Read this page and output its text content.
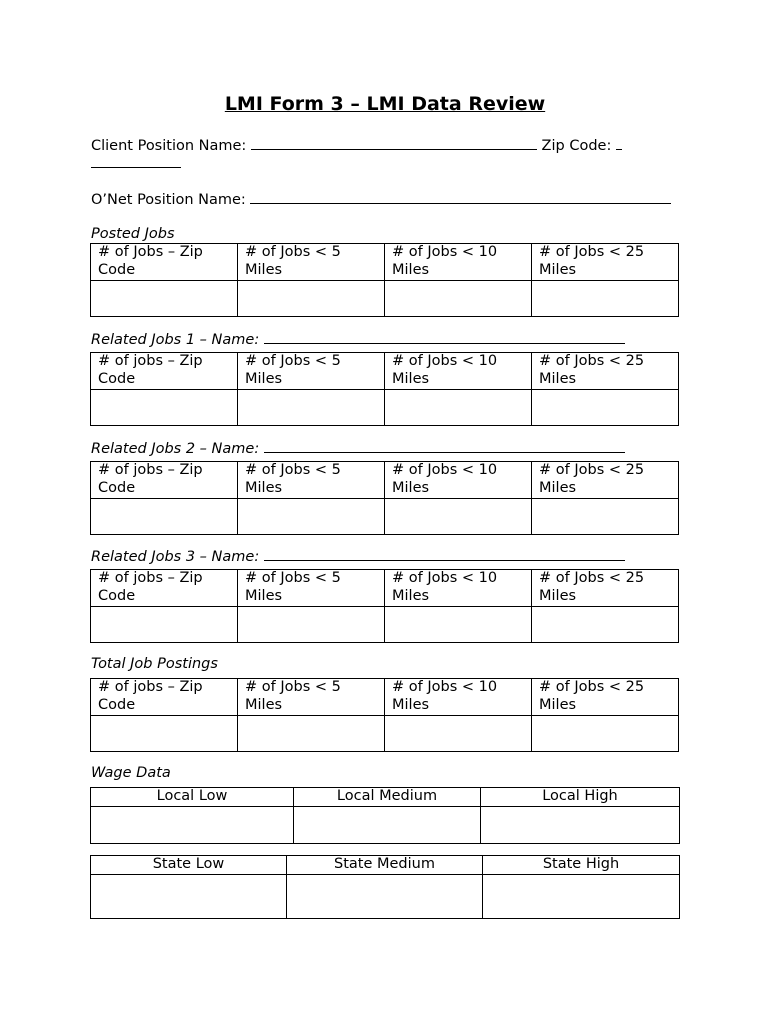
LMI Form 3 – LMI Data Review
Client Position Name:	Zip Code:
O’Net Position Name:
Posted Jobs
# of Jobs – Zip Code	# of Jobs < 5 Miles	# of Jobs < 10 Miles	# of Jobs < 25 Miles

Related Jobs 1 – Name:
# of jobs – Zip Code	# of Jobs < 5 Miles	# of Jobs < 10 Miles	# of Jobs < 25 Miles

Related Jobs 2 – Name:
# of jobs – Zip Code	# of Jobs < 5 Miles	# of Jobs < 10 Miles	# of Jobs < 25 Miles

Related Jobs 3 – Name:
# of jobs – Zip Code	# of Jobs < 5 Miles	# of Jobs < 10 Miles	# of Jobs < 25 Miles

Total Job Postings
# of jobs – Zip Code	# of Jobs < 5 Miles	# of Jobs < 10 Miles	# of Jobs < 25 Miles

Wage Data
Local Low	Local Medium	Local High

State Low	State Medium	State High
